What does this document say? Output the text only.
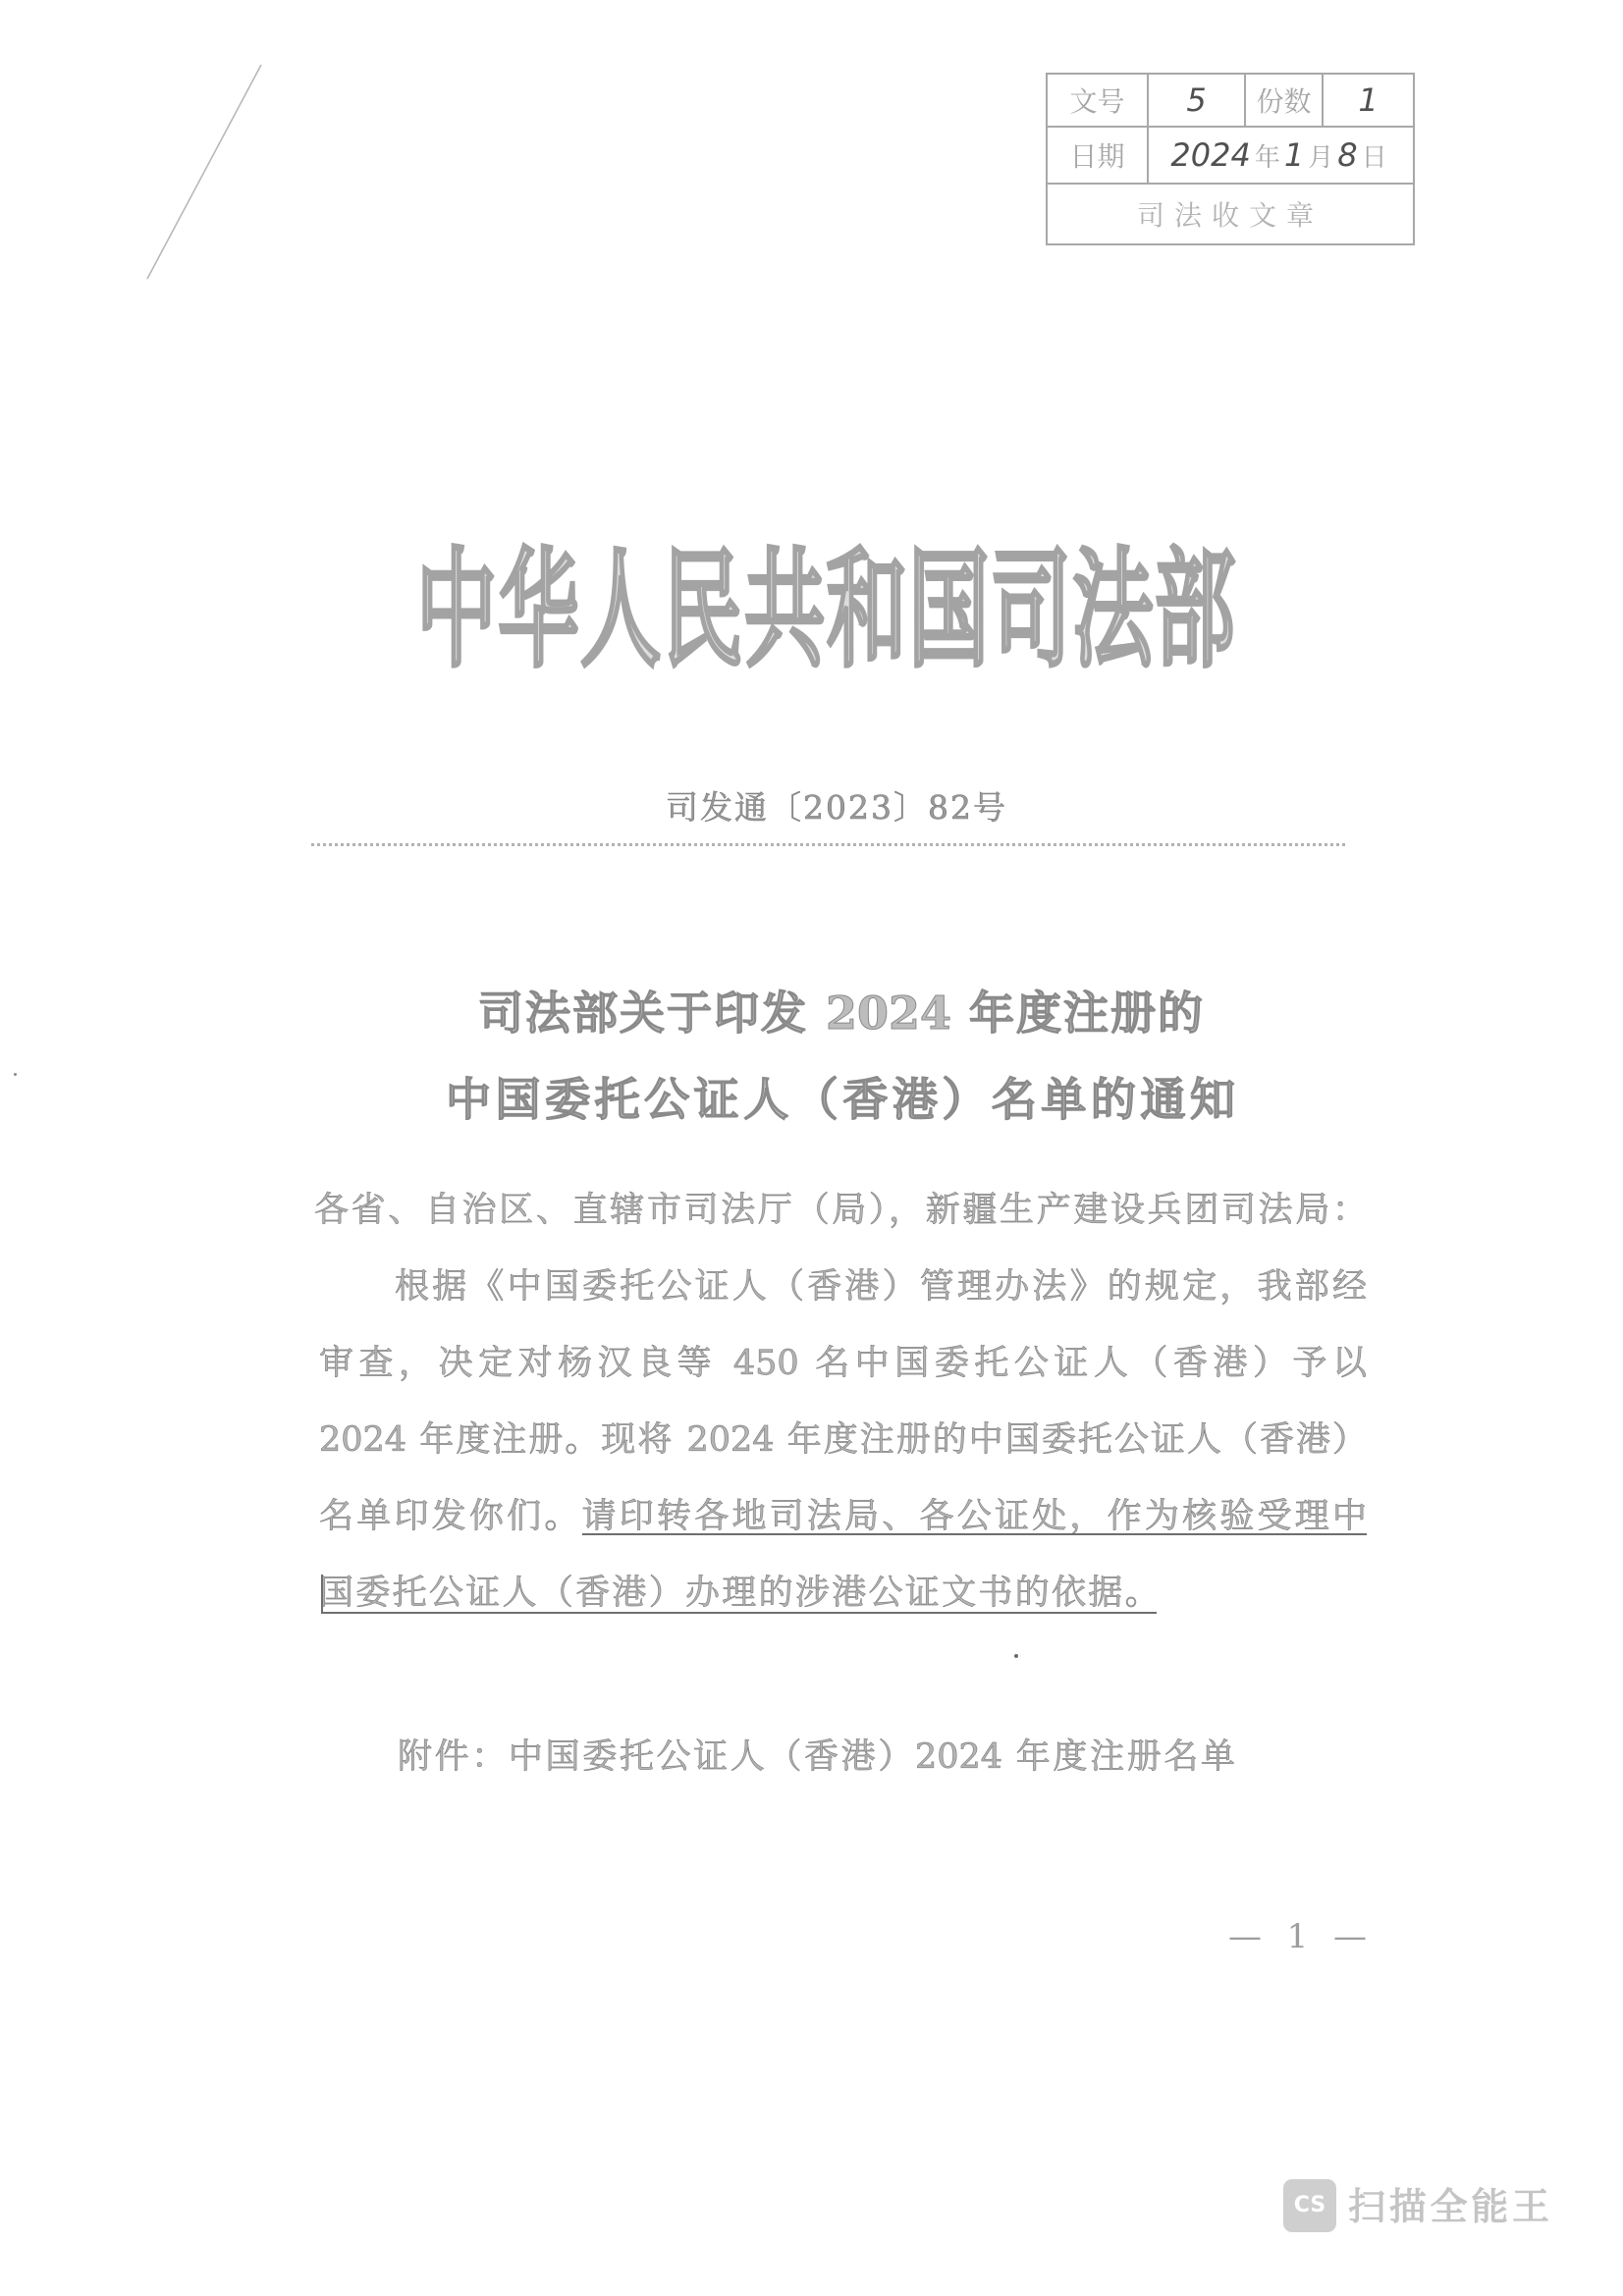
文号	5	份数	1
日期	2024 年 1 月 8 日
司法收文章
中华人民共和国司法部
司发通〔2023〕82号
司法部关于印发 2024 年度注册的
中国委托公证人（香港）名单的通知
各省、自治区、直辖市司法厅（局），新疆生产建设兵团司法局：
根据《中国委托公证人（香港）管理办法》的规定，我部经
审查，决定对杨汉良等 450 名中国委托公证人（香港）予以
2024 年度注册。现将 2024 年度注册的中国委托公证人（香港）
名单印发你们。请印转各地司法局、各公证处，作为核验受理中
国委托公证人（香港）办理的涉港公证文书的依据。
附件：中国委托公证人（香港）2024 年度注册名单
— 1 —
CS 扫描全能王
